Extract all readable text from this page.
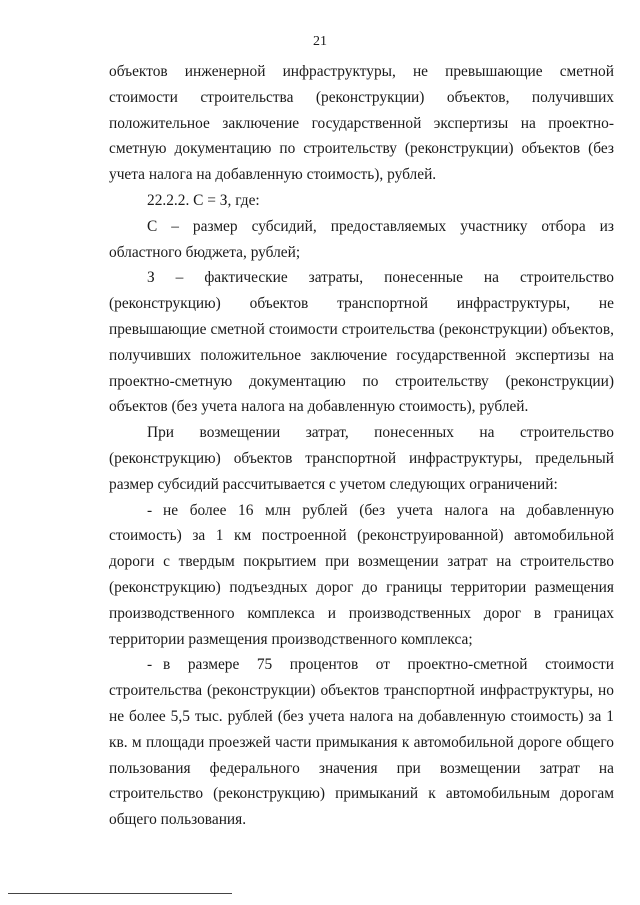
21

объектов инженерной инфраструктуры, не превышающие сметной стоимости строительства (реконструкции) объектов, получивших положительное заключение государственной экспертизы на проектно-сметную документацию по строительству (реконструкции) объектов (без учета налога на добавленную стоимость), рублей.

22.2.2. С = З, где:

С – размер субсидий, предоставляемых участнику отбора из областного бюджета, рублей;

З – фактические затраты, понесенные на строительство (реконструкцию) объектов транспортной инфраструктуры, не превышающие сметной стоимости строительства (реконструкции) объектов, получивших положительное заключение государственной экспертизы на проектно-сметную документацию по строительству (реконструкции) объектов (без учета налога на добавленную стоимость), рублей.

При возмещении затрат, понесенных на строительство (реконструкцию) объектов транспортной инфраструктуры, предельный размер субсидий рассчитывается с учетом следующих ограничений:

- не более 16 млн рублей (без учета налога на добавленную стоимость) за 1 км построенной (реконструированной) автомобильной дороги с твердым покрытием при возмещении затрат на строительство (реконструкцию) подъездных дорог до границы территории размещения производственного комплекса и производственных дорог в границах территории размещения производственного комплекса;

- в размере 75 процентов от проектно-сметной стоимости строительства (реконструкции) объектов транспортной инфраструктуры, но не более 5,5 тыс. рублей (без учета налога на добавленную стоимость) за 1 кв. м площади проезжей части примыкания к автомобильной дороге общего пользования федерального значения при возмещении затрат на строительство (реконструкцию) примыканий к автомобильным дорогам общего пользования.
